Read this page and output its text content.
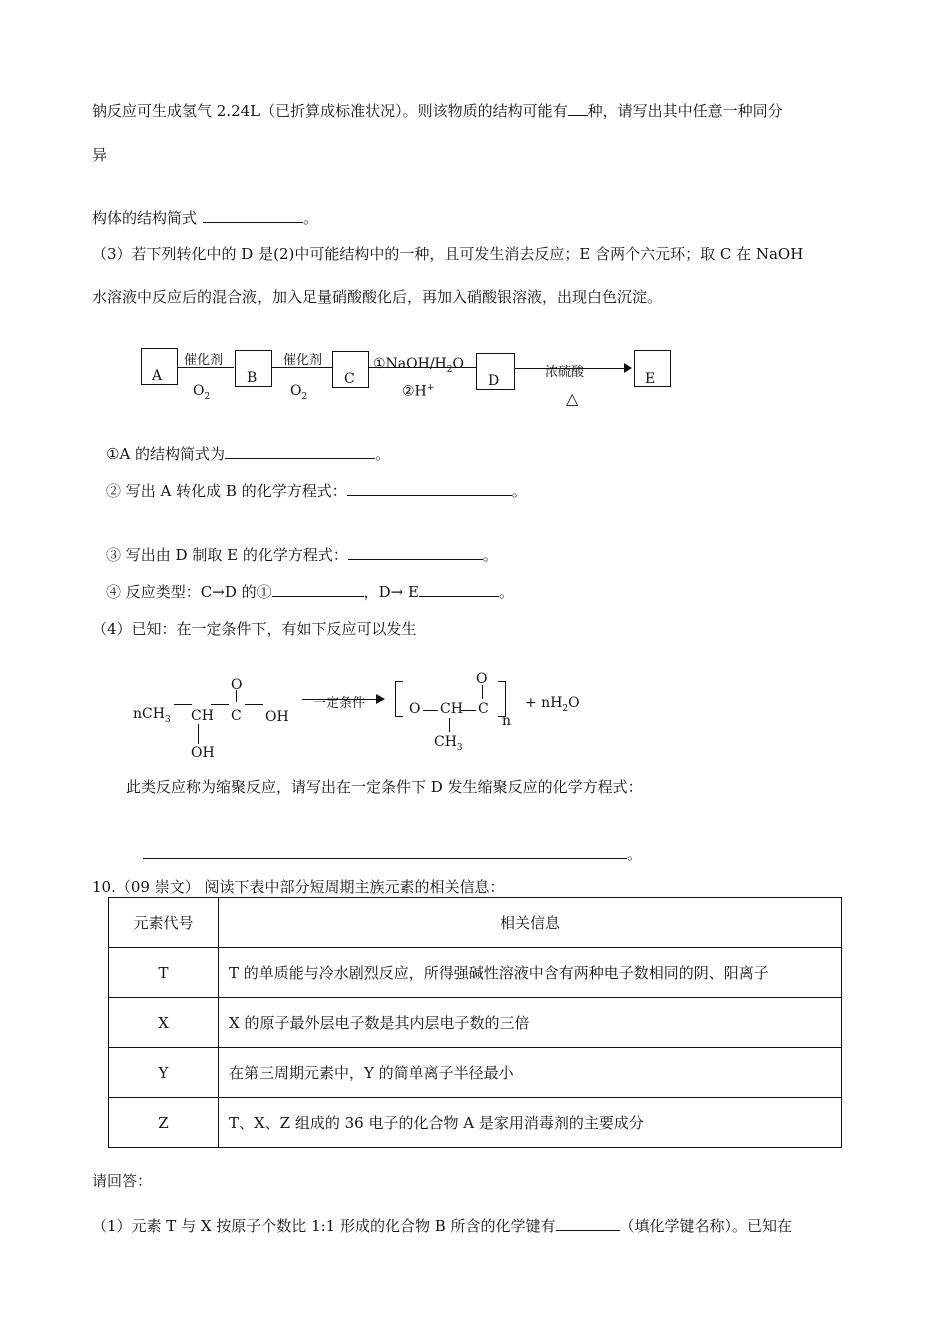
钠反应可生成氢气 2.24L（已折算成标准状况）。则该物质的结构可能有 种，请写出其中任意一种同分
异
构体的结构简式	。
（3）若下列转化中的 D 是(2)中可能结构中的一种，且可发生消去反应；E 含两个六元环；取 C 在 NaOH
水溶液中反应后的混合液，加入足量硝酸酸化后，再加入硝酸银溶液，出现白色沉淀。
A
催化剂
$O_2$
B
催化剂
$O_2$
C
①NaOH/$H_2O$
②H+	D
浓硫酸
△
E
①A 的结构简式为	。
② 写出 A 转化成 B 的化学方程式：	。
③ 写出由 D 制取 E 的化学方程式：	。
④ 反应类型：C→D 的①	，D→ E	。
（4）已知：在一定条件下，有如下反应可以发生
nCH$_3$ CH C OH
O
OH
一定条件	O CH C
O
$CH_3$
n
+ $nH_2O$
此类反应称为缩聚反应，请写出在一定条件下 D 发生缩聚反应的化学方程式：
。
10.（09 崇文） 阅读下表中部分短周期主族元素的相关信息：
元素代号	相关信息
T	T 的单质能与冷水剧烈反应，所得强碱性溶液中含有两种电子数相同的阴、阳离子
X	X 的原子最外层电子数是其内层电子数的三倍
Y	在第三周期元素中，Y 的简单离子半径最小
Z	T、X、Z 组成的 36 电子的化合物 A 是家用消毒剂的主要成分
请回答：
（1）元素 T 与 X 按原子个数比 1:1 形成的化合物 B 所含的化学键有	（填化学键名称）。已知在
